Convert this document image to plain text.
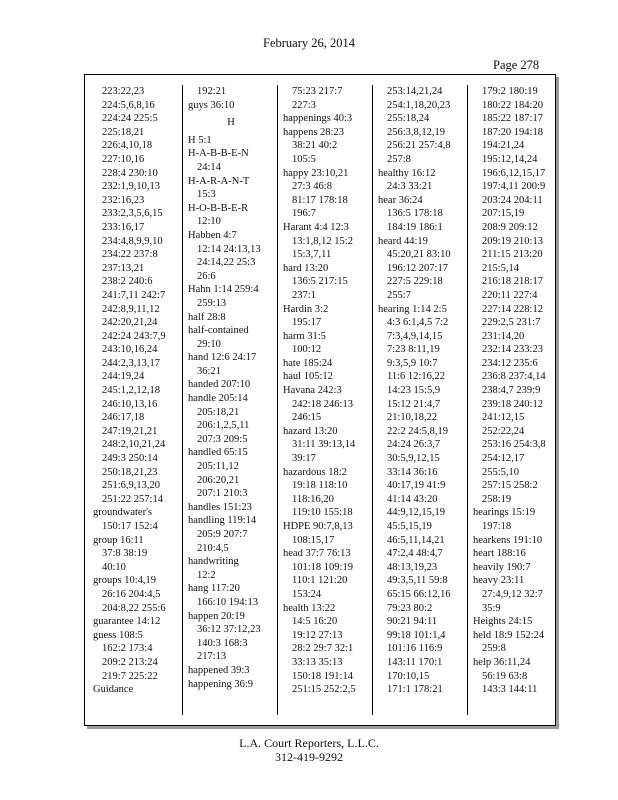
February 26, 2014
Page 278
223:22,23
224:5,6,8,16
224:24 225:5
225:18,21
226:4,10,18
227:10,16
228:4 230:10
232:1,9,10,13
232:16,23
233:2,3,5,6,15
233:16,17
234:4,8,9,9,10
234:22 237:8
237:13,21
238:2 240:6
241:7,11 242:7
242:8,9,11,12
242:20,21,24
242:24 243:7,9
243:10,16,24
244:2,3,13,17
244:19,24
245:1,2,12,18
246:10,13,16
246:17,18
247:19,21,21
248:2,10,21,24
249:3 250:14
250:18,21,23
251:6,9,13,20
251:22 257:14
groundwater's
150:17 152:4
group 16:11
37:8 38:19
40:10
groups 10:4,19
26:16 204:4,5
204:8,22 255:6
guarantee 14:12
guess 108:5
162:2 173:4
209:2 213:24
219:7 225:22
Guidance
192:21
guys 36:10
H
H 5:1
H-A-B-B-E-N
24:14
H-A-R-A-N-T
15:3
H-O-B-B-E-R
12:10
Habben 4:7
12:14 24:13,13
24:14,22 25:3
26:6
Hahn 1:14 259:4
259:13
half 28:8
half-contained
29:10
hand 12:6 24:17
36:21
handed 207:10
handle 205:14
205:18,21
206:1,2,5,11
207:3 209:5
handled 65:15
205:11,12
206:20,21
207:1 210:3
handles 151:23
handling 119:14
205:9 207:7
210:4,5
handwriting
12:2
hang 117:20
166:10 194:13
happen 20:19
36:12 37:12,23
140:3 168:3
217:13
happened 39:3
happening 36:9
75:23 217:7
227:3
happenings 40:3
happens 28:23
38:21 40:2
105:5
happy 23:10,21
27:3 46:8
81:17 178:18
196:7
Harant 4:4 12:3
13:1,8,12 15:2
15:3,7,11
hard 13:20
136:5 217:15
237:1
Hardin 3:2
195:17
harm 31:5
100:12
hate 185:24
haul 105:12
Havana 242:3
242:18 246:13
246:15
hazard 13:20
31:11 39:13,14
39:17
hazardous 18:2
19:18 118:10
118:16,20
119:10 155:18
HDPE 90:7,8,13
108:15,17
head 37:7 76:13
101:18 109:19
110:1 121:20
153:24
health 13:22
14:5 16:20
19:12 27:13
28:2 29:7 32:1
33:13 35:13
150:18 191:14
251:15 252:2,5
253:14,21,24
254:1,18,20,23
255:18,24
256:3,8,12,19
256:21 257:4,8
257:8
healthy 16:12
24:3 33:21
hear 36:24
136:5 178:18
184:19 186:1
heard 44:19
45:20,21 83:10
196:12 207:17
227:5 229:18
255:7
hearing 1:14 2:5
4:3 6:1,4,5 7:2
7:3,4,9,14,15
7:23 8:11,19
9:3,5,9 10:7
11:6 12:16,22
14:23 15:5,9
15:12 21:4,7
21:10,18,22
22:2 24:5,8,19
24:24 26:3,7
30:5,9,12,15
33:14 36:16
40:17,19 41:9
41:14 43:20
44:9,12,15,19
45:5,15,19
46:5,11,14,21
47:2,4 48:4,7
48:13,19,23
49:3,5,11 59:8
65:15 66:12,16
79:23 80:2
90:21 94:11
99:18 101:1,4
101:16 116:9
143:11 170:1
170:10,15
171:1 178:21
179:2 180:19
180:22 184:20
185:22 187:17
187:20 194:18
194:21,24
195:12,14,24
196:6,12,15,17
197:4,11 200:9
203:24 204:11
207:15,19
208:9 209:12
209:19 210:13
211:15 213:20
215:5,14
216:18 218:17
220:11 227:4
227:14 228:12
229:2,5 231:7
231:14,20
232:14 233:23
234:12 235:6
236:8 237:4,14
238:4,7 239:9
239:18 240:12
241:12,15
252:22,24
253:16 254:3,8
254:12,17
255:5,10
257:15 258:2
258:19
hearings 15:19
197:18
hearkens 191:10
heart 188:16
heavily 190:7
heavy 23:11
27:4,9,12 32:7
35:9
Heights 24:15
held 18:9 152:24
259:8
help 36:11,24
56:19 63:8
143:3 144:11
L.A. Court Reporters, L.L.C.
312-419-9292
